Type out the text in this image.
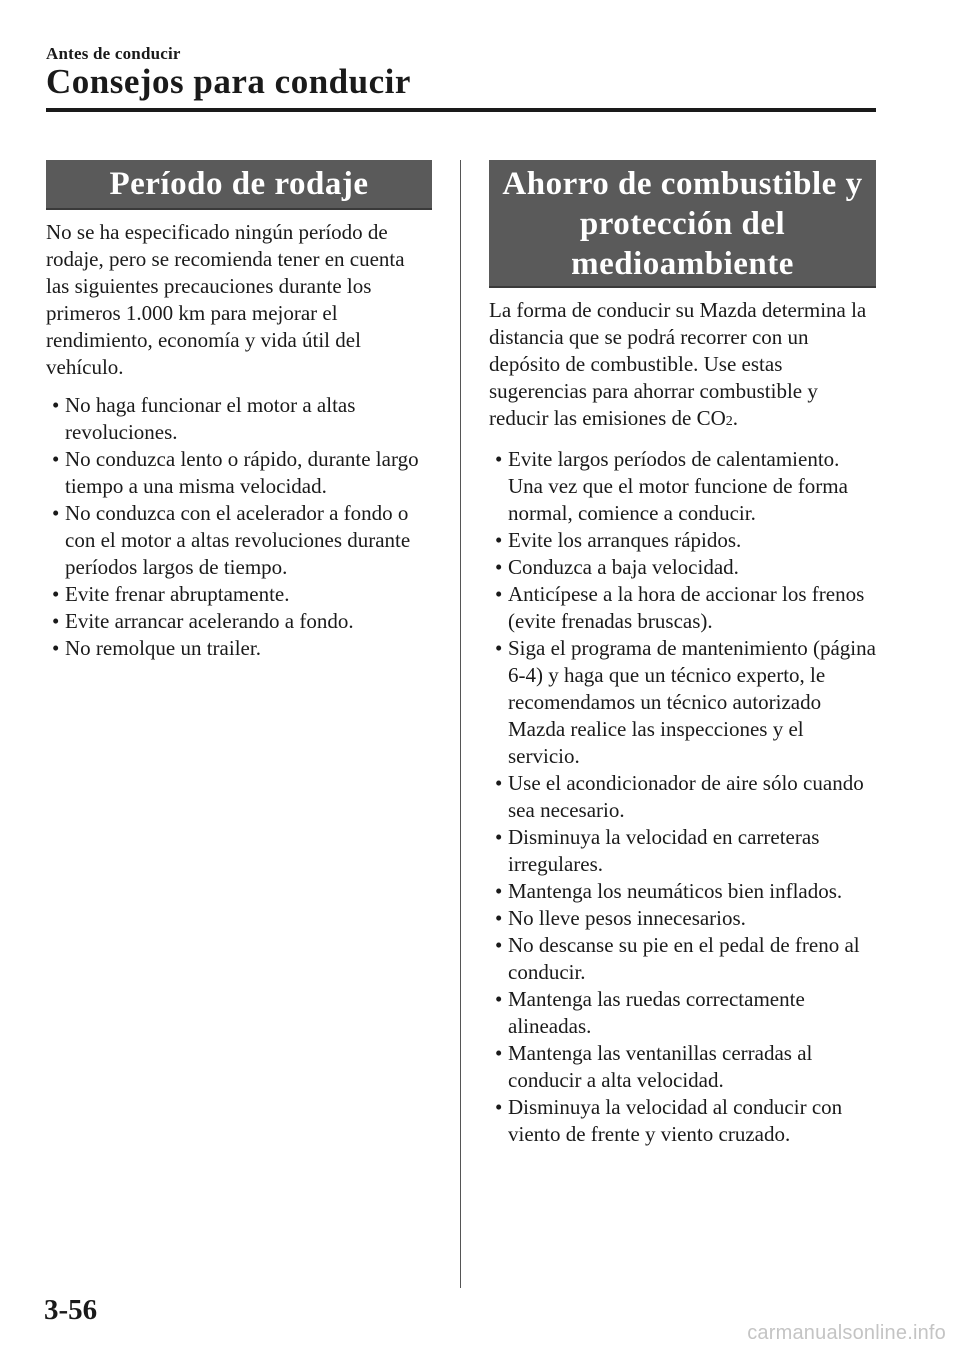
Antes de conducir
Consejos para conducir
Período de rodaje
No se ha especificado ningún período de rodaje, pero se recomienda tener en cuenta las siguientes precauciones durante los primeros 1.000 km para mejorar el rendimiento, economía y vida útil del vehículo.
• No haga funcionar el motor a altas revoluciones.
• No conduzca lento o rápido, durante largo tiempo a una misma velocidad.
• No conduzca con el acelerador a fondo o con el motor a altas revoluciones durante períodos largos de tiempo.
• Evite frenar abruptamente.
• Evite arrancar acelerando a fondo.
• No remolque un trailer.
Ahorro de combustible y
protección del
medioambiente
La forma de conducir su Mazda determina la distancia que se podrá recorrer con un depósito de combustible. Use estas sugerencias para ahorrar combustible y reducir las emisiones de CO2.
• Evite largos períodos de calentamiento. Una vez que el motor funcione de forma normal, comience a conducir.
• Evite los arranques rápidos.
• Conduzca a baja velocidad.
• Anticípese a la hora de accionar los frenos (evite frenadas bruscas).
• Siga el programa de mantenimiento (página 6-4) y haga que un técnico experto, le recomendamos un técnico autorizado Mazda realice las inspecciones y el servicio.
• Use el acondicionador de aire sólo cuando sea necesario.
• Disminuya la velocidad en carreteras irregulares.
• Mantenga los neumáticos bien inflados.
• No lleve pesos innecesarios.
• No descanse su pie en el pedal de freno al conducir.
• Mantenga las ruedas correctamente alineadas.
• Mantenga las ventanillas cerradas al conducir a alta velocidad.
• Disminuya la velocidad al conducir con viento de frente y viento cruzado.
3-56
carmanualsonline.info
